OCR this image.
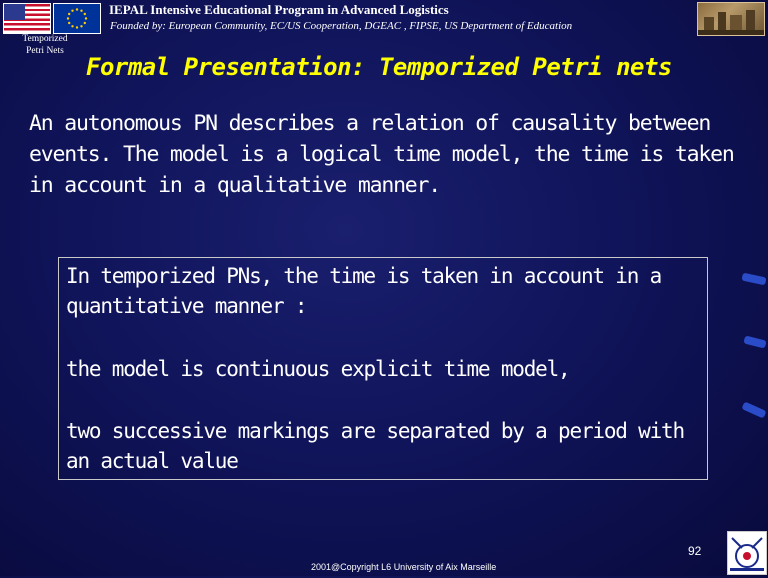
IEPAL Intensive Educational Program in Advanced Logistics
Founded by: European Community, EC/US Cooperation, DGEAC , FIPSE, US Department of Education
Temporized
Petri Nets
Formal Presentation: Temporized Petri nets

An autonomous PN describes a relation of causality between events. The model is a logical time model, the time is taken in account in a qualitative manner.

In temporized PNs, the time is taken in account in a quantitative manner :

the model is continuous explicit time model,

two successive markings are separated by a period with an actual value

92
2001@Copyright L6 University of Aix Marseille
